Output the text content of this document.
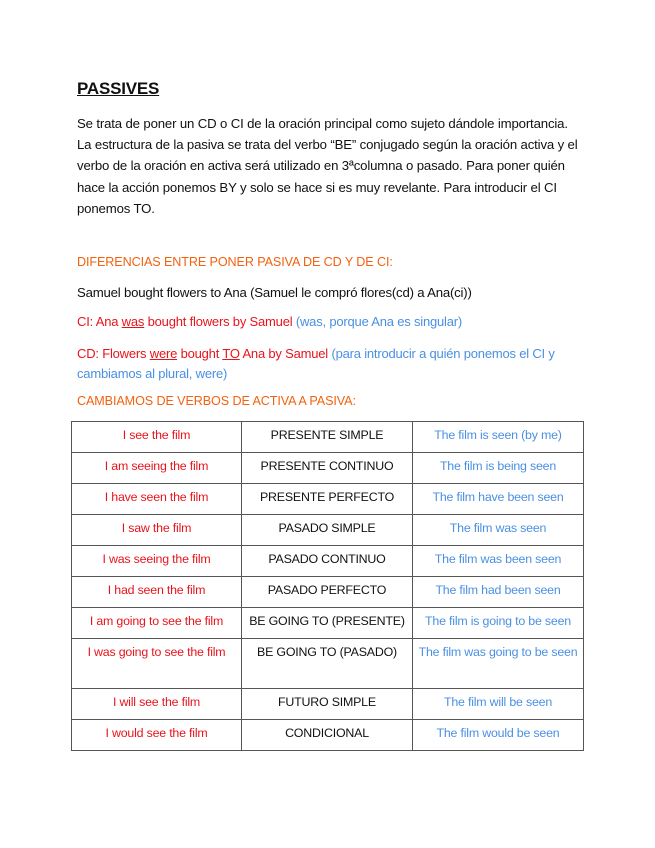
PASSIVES
Se trata de poner un CD o CI de la oración principal como sujeto dándole importancia. La estructura de la pasiva se trata del verbo “BE” conjugado según la oración activa y el verbo de la oración en activa será utilizado en 3ªcolumna o pasado. Para poner quién hace la acción ponemos BY y solo se hace si es muy revelante. Para introducir el CI ponemos TO.
DIFERENCIAS ENTRE PONER PASIVA DE CD Y DE CI:
Samuel bought flowers to Ana (Samuel le compró flores(cd) a Ana(ci))
CI: Ana was bought flowers by Samuel (was, porque Ana es singular)
CD: Flowers were bought TO Ana by Samuel (para introducir a quién ponemos el CI y cambiamos al plural, were)
CAMBIAMOS DE VERBOS DE ACTIVA A PASIVA:
I see the film	PRESENTE SIMPLE	The film is seen (by me)
I am seeing the film	PRESENTE CONTINUO	The film is being seen
I have seen the film	PRESENTE PERFECTO	The film have been seen
I saw the film	PASADO SIMPLE	The film was seen
I was seeing the film	PASADO CONTINUO	The film was been seen
I had seen the film	PASADO PERFECTO	The film had been seen
I am going to see the film	BE GOING TO (PRESENTE)	The film is going to be seen
I was going to see the film	BE GOING TO (PASADO)	The film was going to be seen
I will see the film	FUTURO SIMPLE	The film will be seen
I would see the film	CONDICIONAL	The film would be seen
